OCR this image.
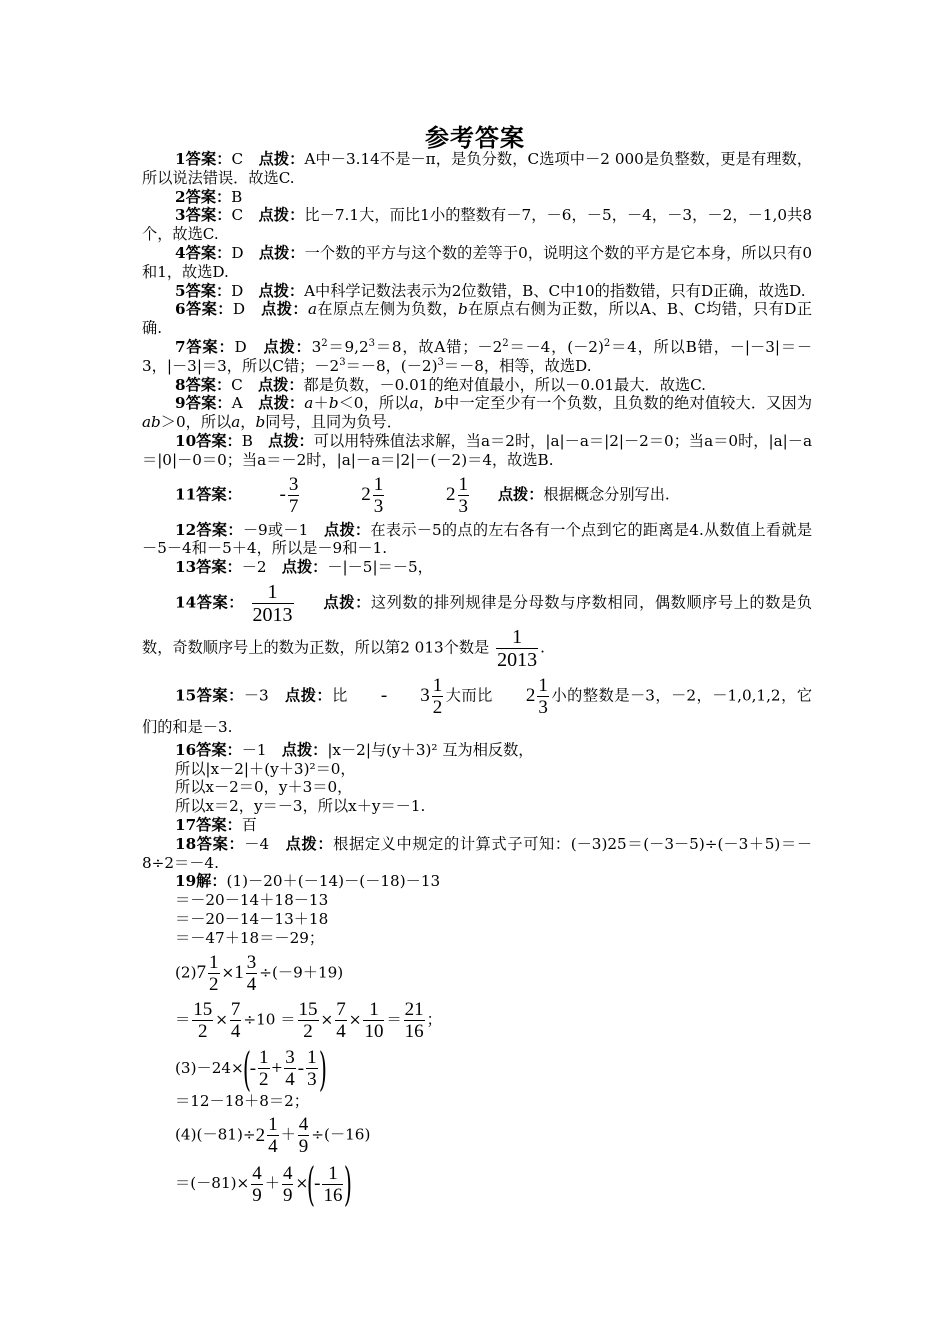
参考答案

1答案：C　 点拨：A中－3.14不是－π，是负分数，C选项中－2 000是负整数，更是有理数，所以说法错误．故选C.

2答案：B

3答案：C　 点拨：比－7.1大，而比1小的整数有－7，－6，－5，－4，－3，－2，－1,0共8个，故选C.

4答案：D　 点拨：一个数的平方与这个数的差等于0，说明这个数的平方是它本身，所以只有0和1，故选D.

5答案：D　 点拨：A中科学记数法表示为2位数错，B、C中10的指数错，只有D正确，故选D.

6答案：D　 点拨：a在原点左侧为负数，b在原点右侧为正数，所以A、B、C均错，只有D正确.

7答案：D　 点拨：$3^2=9,2^3=8$，故A错；$-2^2=-4$，$(-2)^2=4$，所以B错，－|－3|＝－3，|－3|＝3，所以C错；$-2^3=-8$，$(-2)^3=-8$，相等，故选D.

8答案：C　 点拨：都是负数，－0.01的绝对值最小，所以－0.01最大．故选C.

9答案：A　 点拨：a＋b＜0，所以a，b中一定至少有一个负数，且负数的绝对值较大．又因为ab＞0，所以a，b同号，且同为负号．

10答案：B　 点拨：可以用特殊值法求解，当a＝2时，|a|－a＝|2|－2＝0；当a＝0时，|a|－a＝|0|－0＝0；当a＝－2时，|a|－a＝|2|－(－2)＝4，故选B.

11答案： - $\frac{3}{7}$	$2 \frac{1}{3}$	$2 \frac{1}{3}$ 点拨：根据概念分别写出.

12答案：－9或－1　 点拨：在表示－5的点的左右各有一个点到它的距离是4.从数值上看就是－5－4和－5＋4，所以是－9和－1.

13答案：－2　 点拨：－|－5|＝－5，

14答案： $\frac{1}{2013}$ 点拨：这列数的排列规律是分母数与序数相同，偶数顺序号上的数是负数，奇数顺序号上的数为正数，所以第2 013个数是 $\frac{1}{2013}$ .

15答案：－3　 点拨：比 - $3 \frac{1}{2}$ 大而比 $2 \frac{1}{3}$ 小的整数是－3，－2，－1,0,1,2，它们的和是－3.

16答案：－1　 点拨：|x－2|与(y＋3)² 互为相反数，

所以|x－2|＋(y＋3)²＝0，

所以x－2＝0，y＋3＝0，

所以x＝2，y＝－3，所以x＋y＝－1.

17答案：百

18答案：－4　 点拨：根据定义中规定的计算式子可知：(－3)25＝(－3－5)÷(－3＋5)＝－8÷2＝－4.

19解：(1)－20＋(－14)－(－18)－13

＝－20－14＋18－13

＝－20－14－13＋18

＝－47＋18＝－29；

$(2)7 \frac{1}{2} \times 1 \frac{3}{4} \div(-9+19)$

＝ $\frac{15}{2} \times \frac{7}{4} \div 10 = \frac{15}{2} \times \frac{7}{4} \times \frac{1}{10} = \frac{21}{16}$ ；

$(3)-24\times(- \frac{1}{2} + \frac{3}{4} - \frac{1}{3}$ )

＝12－18＋8＝2；

$(4)(-81)\div 2 \frac{1}{4} + \frac{4}{9} \div(-16)$

$=(-81)\times \frac{4}{9} + \frac{4}{9}$ ×(- $\frac{1}{16}$ )
